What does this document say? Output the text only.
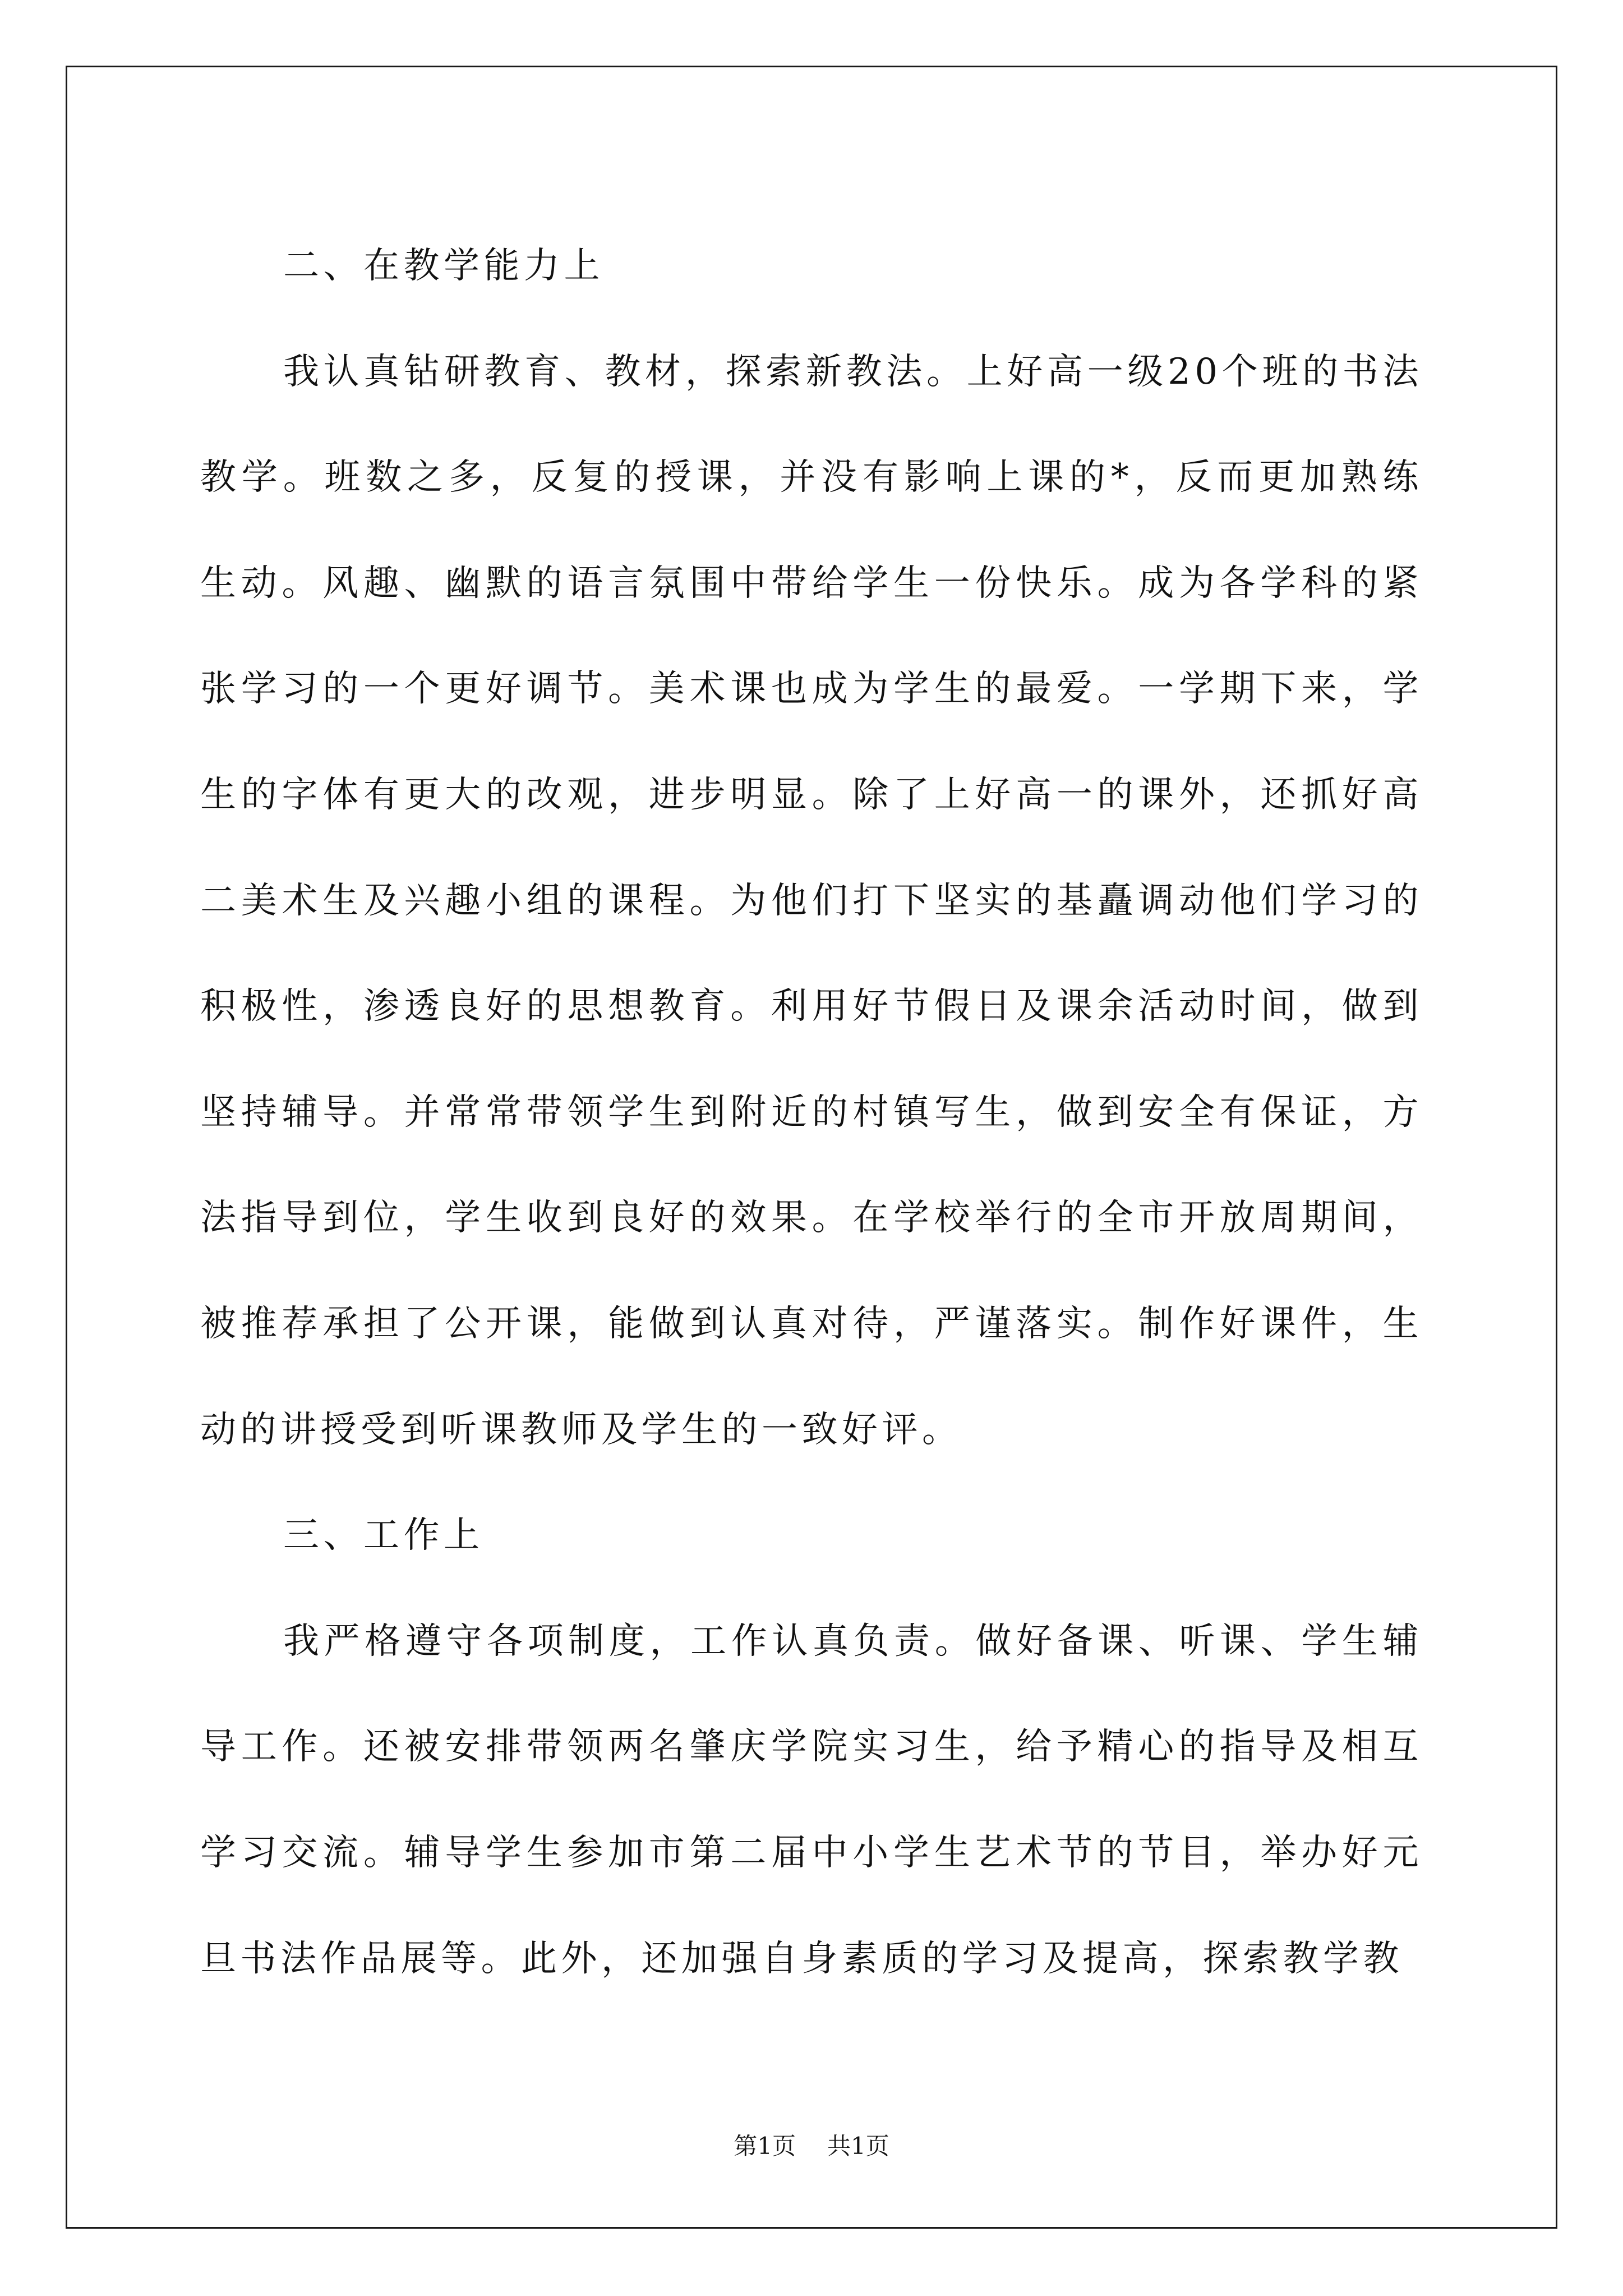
二、在教学能力上

我认真钻研教育、教材，探索新教法。上好高一级20个班的书法教学。班数之多，反复的授课，并没有影响上课的*，反而更加熟练生动。风趣、幽默的语言氛围中带给学生一份快乐。成为各学科的紧张学习的一个更好调节。美术课也成为学生的最爱。一学期下来，学生的字体有更大的改观，进步明显。除了上好高一的课外，还抓好高二美术生及兴趣小组的课程。为他们打下坚实的基矗调动他们学习的积极性，渗透良好的思想教育。利用好节假日及课余活动时间，做到坚持辅导。并常常带领学生到附近的村镇写生，做到安全有保证，方法指导到位，学生收到良好的效果。在学校举行的全市开放周期间，被推荐承担了公开课，能做到认真对待，严谨落实。制作好课件，生动的讲授受到听课教师及学生的一致好评。

三、工作上

我严格遵守各项制度，工作认真负责。做好备课、听课、学生辅导工作。还被安排带领两名肇庆学院实习生，给予精心的指导及相互学习交流。辅导学生参加市第二届中小学生艺术节的节目，举办好元旦书法作品展等。此外，还加强自身素质的学习及提高，探索教学教

第1页 共1页
